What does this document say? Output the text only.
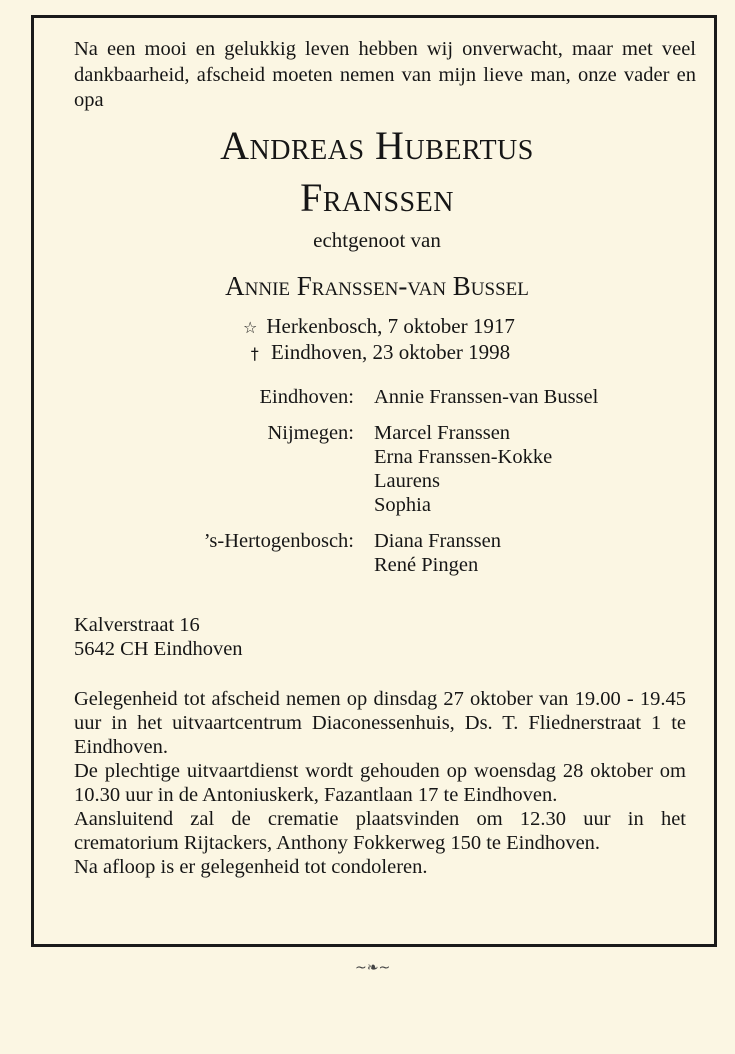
Na een mooi en gelukkig leven hebben wij onverwacht, maar met veel dankbaarheid, afscheid moeten nemen van mijn lieve man, onze vader en opa
Andreas Hubertus
Franssen
echtgenoot van
Annie Franssen-van Bussel
☆ Herkenbosch, 7 oktober 1917
† Eindhoven, 23 oktober 1998
Eindhoven: Annie Franssen-van Bussel
Nijmegen: Marcel Franssen
Erna Franssen-Kokke
Laurens
Sophia
’s-Hertogenbosch: Diana Franssen
René Pingen
Kalverstraat 16
5642 CH Eindhoven

Gelegenheid tot afscheid nemen op dinsdag 27 oktober van 19.00 - 19.45 uur in het uitvaartcentrum Diaconessenhuis, Ds. T. Fliednerstraat 1 te Eindhoven.

De plechtige uitvaartdienst wordt gehouden op woensdag 28 oktober om 10.30 uur in de Antoniuskerk, Fazantlaan 17 te Eindhoven.

Aansluitend zal de crematie plaatsvinden om 12.30 uur in het crematorium Rijtackers, Anthony Fokkerweg 150 te Eindhoven.

Na afloop is er gelegenheid tot condoleren.

~❧~
